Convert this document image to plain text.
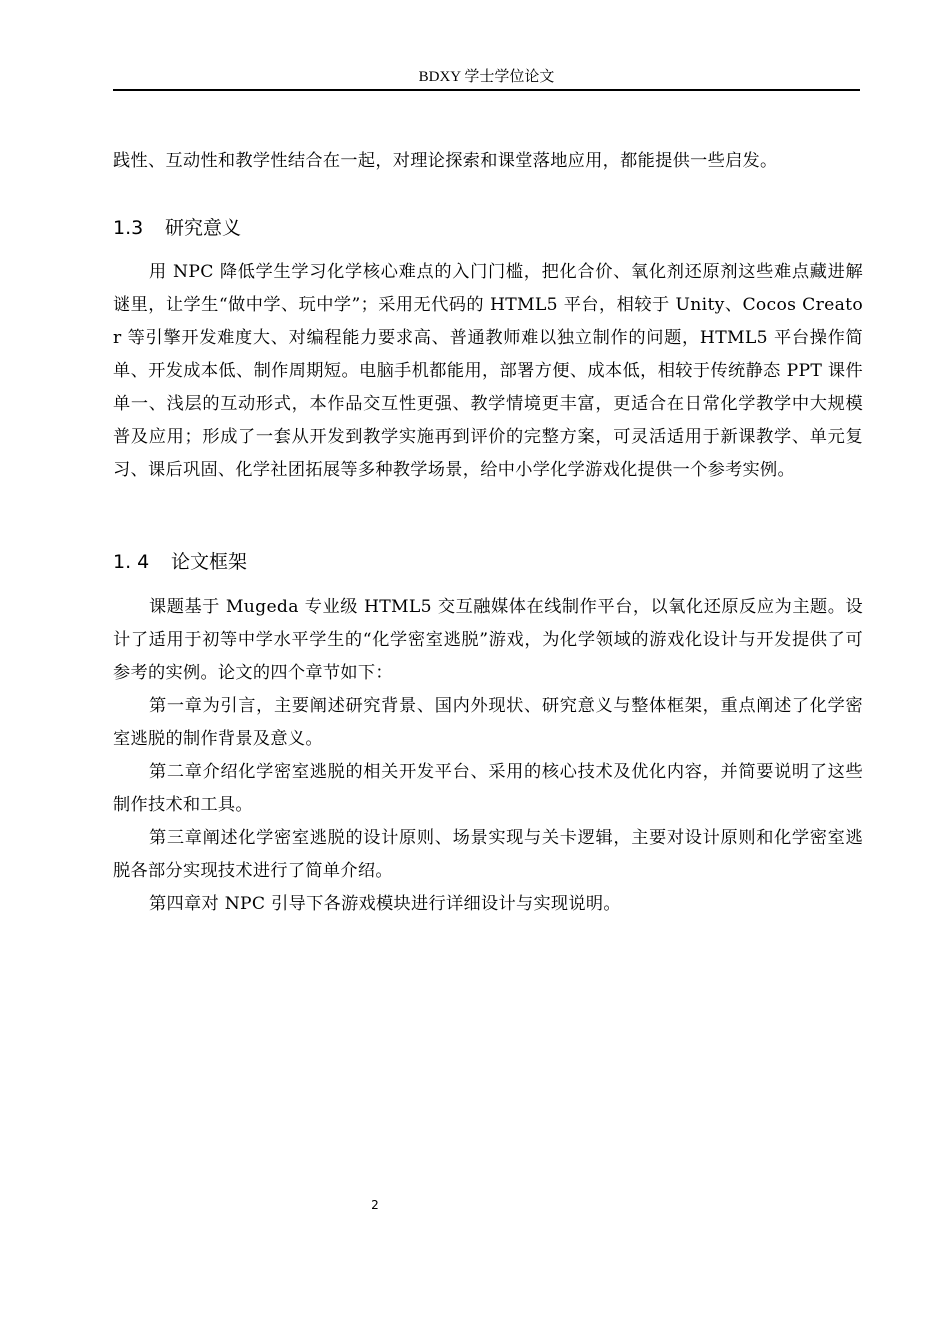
BDXY 学士学位论文

践性、互动性和教学性结合在一起，对理论探索和课堂落地应用，都能提供一些启发。

1.3 研究意义

用 NPC 降低学生学习化学核心难点的入门门槛，把化合价、氧化剂还原剂这些难点藏进解谜里，让学生“做中学、玩中学”；采用无代码的 HTML5 平台，相较于 Unity、Cocos Creator 等引擎开发难度大、对编程能力要求高、普通教师难以独立制作的问题，HTML5 平台操作简单、开发成本低、制作周期短。电脑手机都能用，部署方便、成本低，相较于传统静态 PPT 课件单一、浅层的互动形式，本作品交互性更强、教学情境更丰富，更适合在日常化学教学中大规模普及应用；形成了一套从开发到教学实施再到评价的完整方案，可灵活适用于新课教学、单元复习、课后巩固、化学社团拓展等多种教学场景，给中小学化学游戏化提供一个参考实例。

1. 4 论文框架

课题基于 Mugeda 专业级 HTML5 交互融媒体在线制作平台，以氧化还原反应为主题。设计了适用于初等中学水平学生的“化学密室逃脱”游戏，为化学领域的游戏化设计与开发提供了可参考的实例。论文的四个章节如下：

第一章为引言，主要阐述研究背景、国内外现状、研究意义与整体框架，重点阐述了化学密室逃脱的制作背景及意义。

第二章介绍化学密室逃脱的相关开发平台、采用的核心技术及优化内容，并简要说明了这些制作技术和工具。

第三章阐述化学密室逃脱的设计原则、场景实现与关卡逻辑，主要对设计原则和化学密室逃脱各部分实现技术进行了简单介绍。

第四章对 NPC 引导下各游戏模块进行详细设计与实现说明。

2
